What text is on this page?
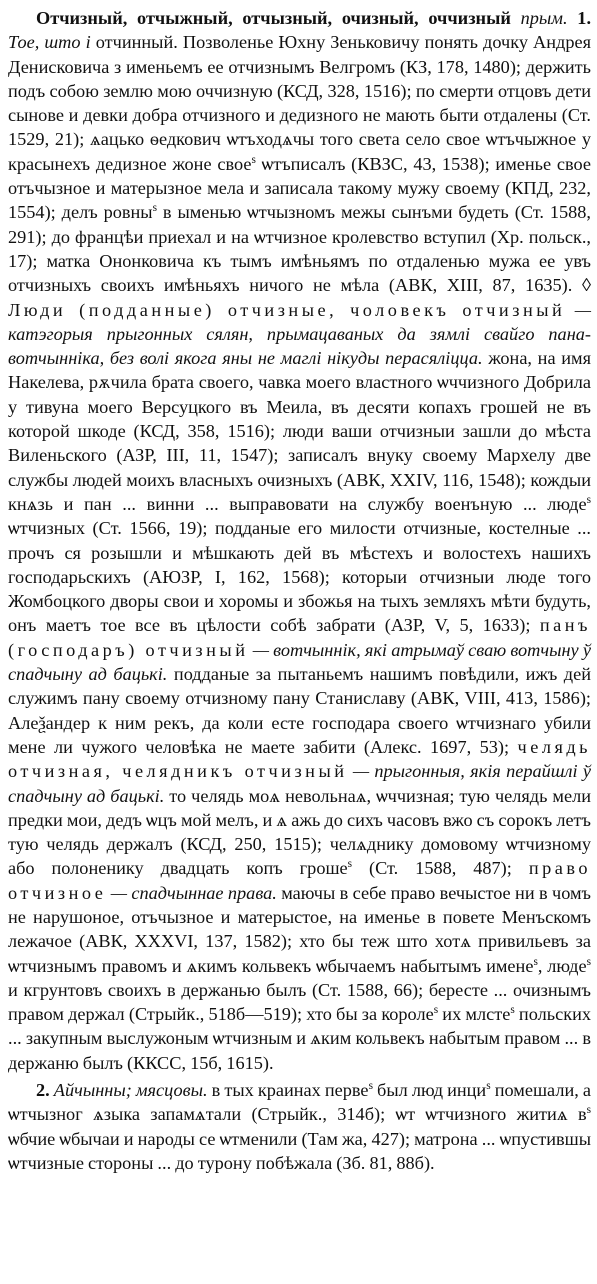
Отчизный, отчыжный, отчызный, очизный, оччизный прым. 1. Тое, што і отчинный. Позволенье Юхну Зеньковичу понять дочку Андрея Денисковича з именьемъ ее отчизнымъ Велгромъ (КЗ, 178, 1480); держить подъ собою землю мою оччизную (КСД, 328, 1516); по смерти отцовъ дети сынове и девки добра отчизного и дедизного не мають быти отдалены (Ст. 1529, 21); ѧацько ѳедкович ѡтъходѧчы того света село свое ѡтъчыжное у красынехъ дедизное жоне свое$^s$ ѡтъписалъ (КВЗС, 43, 1538); именье свое отъчызное и матерызное мела и записала такому мужу своему (КПД, 232, 1554); делъ ровны$^s$ в ыменью ѡтчызномъ межы сынъми будеть (Ст. 1588, 291); до францѣи приехал и на ѡтчизное кролевство вступил (Хр. польск., 17); матка Ононковича къ тымъ имѣньямъ по отдаленью мужа ее увъ отчизныхъ своихъ имѣньяхъ ничого не мѣла (АВК, XIII, 87, 1635). ◊ Люди (подданные) отчизные, чоловекъ отчизный — катэгорыя прыгонных сялян, прымацаваных да зямлі свайго пана-вотчынніка, без волі якога яны не маглі нікуды перасяліцца. жона, на имя Накелева, рѫчила брата своего, чавка моего властного ѡччизного Добрила у тивуна моего Версуцкого въ Меила, въ десяти копахъ грошей не въ которой шкоде (КСД, 358, 1516); люди ваши отчизныи зашли до мѣста Виленьского (АЗР, III, 11, 1547); записалъ внуку своему Мархелу две службы людей моихъ власныхъ очизныхъ (АВК, XXIV, 116, 1548); кождыи кнѧзь и пан ... винни ... выправовати на службу военъную ... люде$^s$ ѡтчизных (Ст. 1566, 19); подданые его милости отчизные, костелные ... прочъ ся розышли и мѣшкають дей въ мѣстехъ и волостехъ нашихъ господарьскихъ (АЮЗР, I, 162, 1568); которыи отчизныи люде того Жомбоцкого дворы свои и хоромы и збожья на тыхъ земляхъ мѣти будуть, онъ маетъ тое все въ цѣлости собѣ забрати (АЗР, V, 5, 1633); панъ (господаръ) отчизный — вотчыннік, які атрымаў сваю вотчыну ў спадчыну ад бацькі. подданые за пытаньемъ нашимъ повѣдили, ижъ дей служимъ пану своему отчизному пану Станиславу (АВК, VIII, 413, 1586); Алеѯандер к ним рекъ, да коли есте господара своего ѡтчизнаго убили мене ли чужого человѣка не маете забити (Алекс. 1697, 53); челядь отчизная, челядникъ отчизный — прыгонныя, якія перайшлі ў спадчыну ад бацькі. то челядь моѧ невольнаѧ, ѡччизная; тую челядь мели предки мои, дедъ ѡцъ мой мелъ, и ѧ ажь до сихъ часовъ вжо съ сорокъ летъ тую челядь держалъ (КСД, 250, 1515); челѧднику домовому ѡтчизному або полоненику двадцать копъ гроше$^s$ (Ст. 1588, 487); право отчизное — спадчыннае права. маючы в себе право вечыстое ни в чомъ не нарушоное, отъчызное и матерыстое, на именье в повете Менъскомъ лежачое (АВК, XXXVI, 137, 1582); хто бы теж што хотѧ привильевъ за ѡтчизнымъ правомъ и ѧкимъ кольвекъ ѡбычаемъ набытымъ имене$^s$, люде$^s$ и кгрунтовъ своихъ в держанью былъ (Ст. 1588, 66); бересте ... очизнымъ правом держал (Стрыйк., 518б—519); хто бы за короле$^s$ их млсте$^s$ польских ... закупным выслужоным ѡтчизным и ѧким кольвекъ набытым правом ... в держаню былъ (ККСС, 15б, 1615).

2. Айчынны; мясцовы. в тых краинах перве$^s$ был люд инци$^s$ помешали, а ѡтчызног ѧзыка запамѧтали (Стрыйк., 314б); ѡт ѡтчизного житиѧ $в^s$ ѡбчие ѡбычаи и народы се ѡтменили (Там жа, 427); матрона ... ѡпустившы ѡтчизные стороны ... до турону побѣжала (Зб. 81, 88б).
